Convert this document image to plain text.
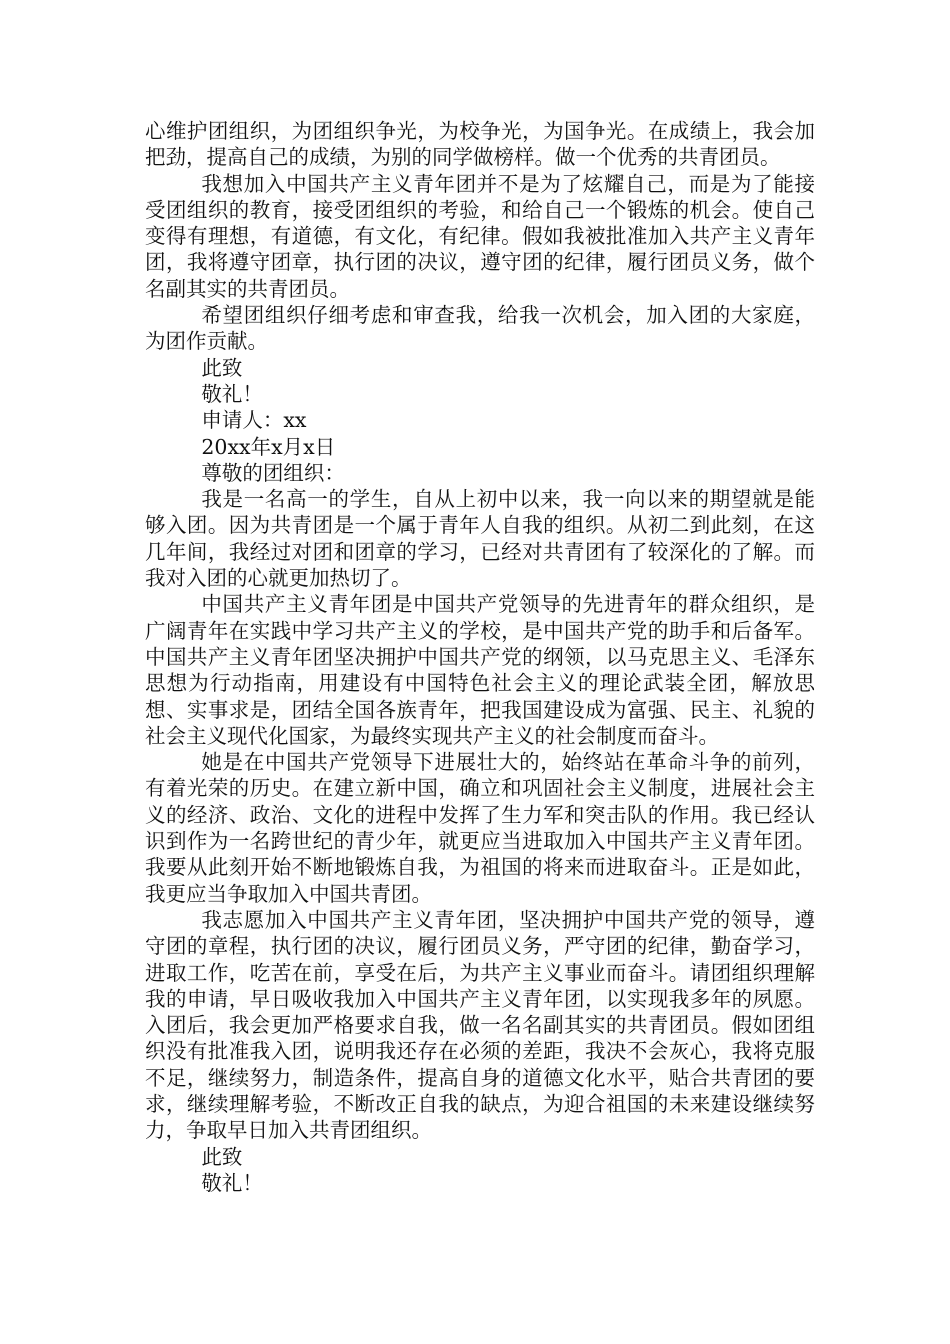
心维护团组织，为团组织争光，为校争光，为国争光。在成绩上，我会加把劲，提高自己的成绩，为别的同学做榜样。做一个优秀的共青团员。

我想加入中国共产主义青年团并不是为了炫耀自己，而是为了能接受团组织的教育，接受团组织的考验，和给自己一个锻炼的机会。使自己变得有理想，有道德，有文化，有纪律。假如我被批准加入共产主义青年团，我将遵守团章，执行团的决议，遵守团的纪律，履行团员义务，做个名副其实的共青团员。

希望团组织仔细考虑和审查我，给我一次机会，加入团的大家庭，为团作贡献。

此致

敬礼！

申请人：xx

20xx年x月x日

尊敬的团组织：

我是一名高一的学生，自从上初中以来，我一向以来的期望就是能够入团。因为共青团是一个属于青年人自我的组织。从初二到此刻，在这几年间，我经过对团和团章的学习，已经对共青团有了较深化的了解。而我对入团的心就更加热切了。

中国共产主义青年团是中国共产党领导的先进青年的群众组织，是广阔青年在实践中学习共产主义的学校，是中国共产党的助手和后备军。中国共产主义青年团坚决拥护中国共产党的纲领，以马克思主义、毛泽东思想为行动指南，用建设有中国特色社会主义的理论武装全团，解放思想、实事求是，团结全国各族青年，把我国建设成为富强、民主、礼貌的社会主义现代化国家，为最终实现共产主义的社会制度而奋斗。

她是在中国共产党领导下进展壮大的，始终站在革命斗争的前列，有着光荣的历史。在建立新中国，确立和巩固社会主义制度，进展社会主义的经济、政治、文化的进程中发挥了生力军和突击队的作用。我已经认识到作为一名跨世纪的青少年，就更应当进取加入中国共产主义青年团。我要从此刻开始不断地锻炼自我，为祖国的将来而进取奋斗。正是如此，我更应当争取加入中国共青团。

我志愿加入中国共产主义青年团，坚决拥护中国共产党的领导，遵守团的章程，执行团的决议，履行团员义务，严守团的纪律，勤奋学习，进取工作，吃苦在前，享受在后，为共产主义事业而奋斗。请团组织理解我的申请，早日吸收我加入中国共产主义青年团，以实现我多年的夙愿。入团后，我会更加严格要求自我，做一名名副其实的共青团员。假如团组织没有批准我入团，说明我还存在必须的差距，我决不会灰心，我将克服不足，继续努力，制造条件，提高自身的道德文化水平，贴合共青团的要求，继续理解考验，不断改正自我的缺点，为迎合祖国的未来建设继续努力，争取早日加入共青团组织。

此致

敬礼！
